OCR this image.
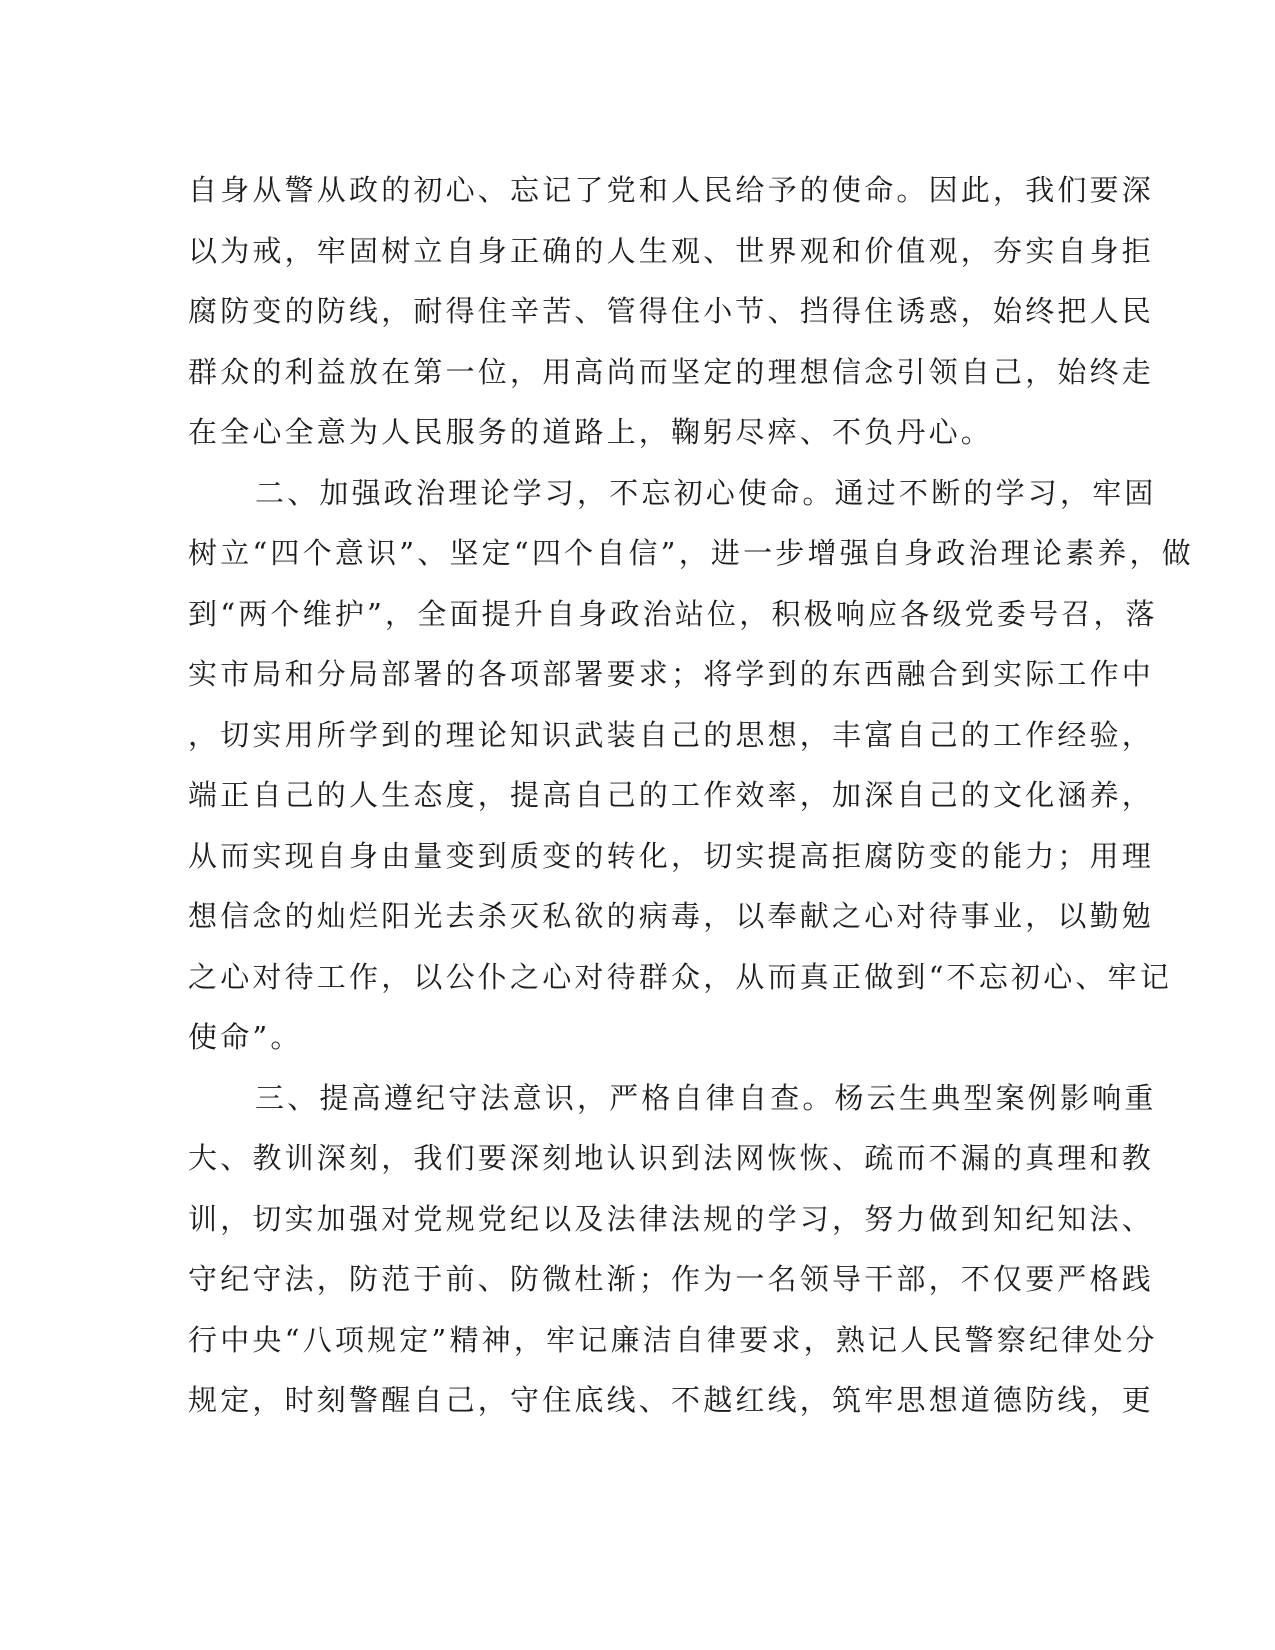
自身从警从政的初心、忘记了党和人民给予的使命。因此，我们要深
以为戒，牢固树立自身正确的人生观、世界观和价值观，夯实自身拒
腐防变的防线，耐得住辛苦、管得住小节、挡得住诱惑，始终把人民
群众的利益放在第一位，用高尚而坚定的理想信念引领自己，始终走
在全心全意为人民服务的道路上，鞠躬尽瘁、不负丹心。
二、加强政治理论学习，不忘初心使命。通过不断的学习，牢固
树立“四个意识”、坚定“四个自信”，进一步增强自身政治理论素养，做
到“两个维护”，全面提升自身政治站位，积极响应各级党委号召，落
实市局和分局部署的各项部署要求；将学到的东西融合到实际工作中
，切实用所学到的理论知识武装自己的思想，丰富自己的工作经验，
端正自己的人生态度，提高自己的工作效率，加深自己的文化涵养，
从而实现自身由量变到质变的转化，切实提高拒腐防变的能力；用理
想信念的灿烂阳光去杀灭私欲的病毒，以奉献之心对待事业，以勤勉
之心对待工作，以公仆之心对待群众，从而真正做到“不忘初心、牢记
使命”。
三、提高遵纪守法意识，严格自律自查。杨云生典型案例影响重
大、教训深刻，我们要深刻地认识到法网恢恢、疏而不漏的真理和教
训，切实加强对党规党纪以及法律法规的学习，努力做到知纪知法、
守纪守法，防范于前、防微杜渐；作为一名领导干部，不仅要严格践
行中央“八项规定”精神，牢记廉洁自律要求，熟记人民警察纪律处分
规定，时刻警醒自己，守住底线、不越红线，筑牢思想道德防线，更
